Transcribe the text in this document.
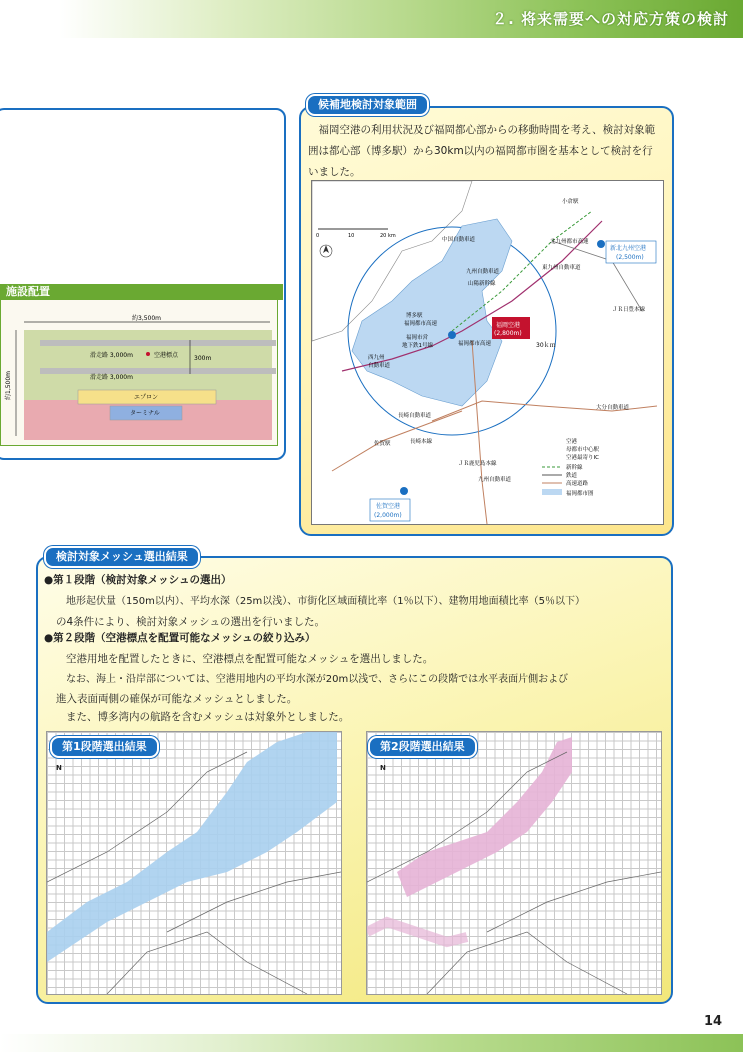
２. 将来需要への対応方策の検討
施設配置
約3,500m
約1,500m
滑走路 3,000m	空港標点	300m
滑走路 3,000m
エプロン
ターミナル
候補地検討対象範囲
福岡空港の利用状況及び福岡都心部からの移動時間を考え、検討対象範囲は都心部（博多駅）から30km以内の福岡都市圏を基本として検討を行いました。
福岡空港
(2,800m)
新北九州空港
(2,500m)
佐賀空港
(2,000m)
0	10	20 km
小倉駅
中国自動車道	北九州都市高速
九州自動車道
東九州自動車道
山陽新幹線
ＪＲ日豊本線
博多駅
福岡都市高速
福岡市営
地下鉄1号線	福岡都市高速
西九州
自動車道
30ｋｍ
大分自動車道
長崎自動車道
佐賀駅	長崎本線
ＪＲ鹿児島本線
九州自動車道
空港
母都市中心駅
空港最寄りIC
新幹線
鉄道
高速道路
福岡都市圏
検討対象メッシュ選出結果
●第１段階（検討対象メッシュの選出）
地形起伏量（150m以内）、平均水深（25m以浅）、市街化区域面積比率（1％以下）、建物用地面積比率（5％以下）
の4条件により、検討対象メッシュの選出を行いました。
●第２段階（空港標点を配置可能なメッシュの絞り込み）
空港用地を配置したときに、空港標点を配置可能なメッシュを選出しました。
なお、海上・沿岸部については、空港用地内の平均水深が20m以浅で、さらにこの段階では水平表面片側および
進入表面両側の確保が可能なメッシュとしました。
また、博多湾内の航路を含むメッシュは対象外としました。
第1段階選出結果
N
第2段階選出結果
N
14
